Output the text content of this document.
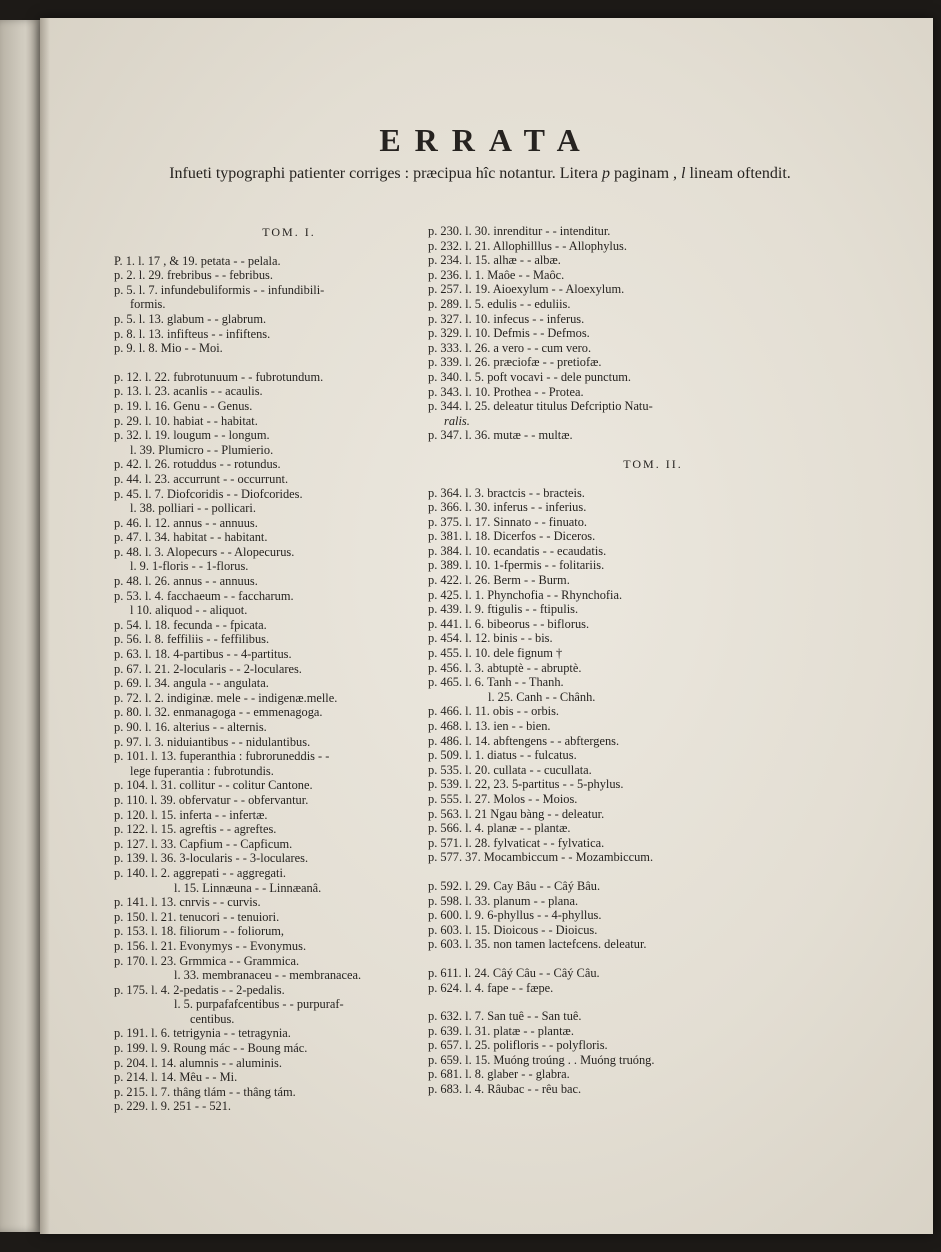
ERRATA

Infueti typographi patienter corriges : præcipua hîc notantur. Litera p paginam , l lineam oftendit.

TOM. I.
P. 1. l. 17 , & 19. petata - - pelala.
p. 2. l. 29. frebribus - - febribus.
p. 5. l. 7. infundebuliformis - - infundibili-
formis.
p. 5. l. 13. glabum - - glabrum.
p. 8. l. 13. infifteus - - infiftens.
p. 9. l. 8. Mio - - Moi.
p. 12. l. 22. fubrotunuum - - fubrotundum.
p. 13. l. 23. acanlis - - acaulis.
p. 19. l. 16. Genu - - Genus.
p. 29. l. 10. habiat - - habitat.
p. 32. l. 19. lougum - - longum.
l. 39. Plumicro - - Plumierio.
p. 42. l. 26. rotuddus - - rotundus.
p. 44. l. 23. accurrunt - - occurrunt.
p. 45. l. 7. Diofcoridis - - Diofcorides.
l. 38. polliari - - pollicari.
p. 46. l. 12. annus - - annuus.
p. 47. l. 34. habitat - - habitant.
p. 48. l. 3. Alopecurs - - Alopecurus.
l. 9. 1-floris - - 1-florus.
p. 48. l. 26. annus - - annuus.
p. 53. l. 4. facchaeum - - faccharum.
l 10. aliquod - - aliquot.
p. 54. l. 18. fecunda - - fpicata.
p. 56. l. 8. feffiliis - - feffilibus.
p. 63. l. 18. 4-partibus - - 4-partitus.
p. 67. l. 21. 2-locularis - - 2-loculares.
p. 69. l. 34. angula - - angulata.
p. 72. l. 2. indiginæ. mele - - indigenæ.melle.
p. 80. l. 32. enmanagoga - - emmenagoga.
p. 90. l. 16. alterius - - alternis.
p. 97. l. 3. niduiantibus - - nidulantibus.
p. 101. l. 13. fuperanthia : fubroruneddis - -
lege fuperantia : fubrotundis.
p. 104. l. 31. collitur - - colitur Cantone.
p. 110. l. 39. obfervatur - - obfervantur.
p. 120. l. 15. inferta - - infertæ.
p. 122. l. 15. agreftis - - agreftes.
p. 127. l. 33. Capfium - - Capficum.
p. 139. l. 36. 3-locularis - - 3-loculares.
p. 140. l. 2. aggrepati - - aggregati.
l. 15. Linnæuna - - Linnæanâ.
p. 141. l. 13. cnrvis - - curvis.
p. 150. l. 21. tenucori - - tenuiori.
p. 153. l. 18. filiorum - - foliorum,
p. 156. l. 21. Evonymys - - Evonymus.
p. 170. l. 23. Grmmica - - Grammica.
l. 33. membranaceu - - membranacea.
p. 175. l. 4. 2-pedatis - - 2-pedalis.
l. 5. purpafafcentibus - - purpuraf-
centibus.
p. 191. l. 6. tetrigynia - - tetragynia.
p. 199. l. 9. Roung mác - - Boung mác.
p. 204. l. 14. alumnis - - aluminis.
p. 214. l. 14. Mêu - - Mi.
p. 215. l. 7. thâng tlám - - thâng tám.
p. 229. l. 9. 251 - - 521.
p. 230. l. 30. inrenditur - - intenditur.
p. 232. l. 21. Allophilllus - - Allophylus.
p. 234. l. 15. alhæ - - albæ.
p. 236. l. 1. Maôe - - Maôc.
p. 257. l. 19. Aioexylum - - Aloexylum.
p. 289. l. 5. edulis - - eduliis.
p. 327. l. 10. infecus - - inferus.
p. 329. l. 10. Defmis - - Defmos.
p. 333. l. 26. a vero - - cum vero.
p. 339. l. 26. præciofæ - - pretiofæ.
p. 340. l. 5. poft vocavi - - dele punctum.
p. 343. l. 10. Prothea - - Protea.
p. 344. l. 25. deleatur titulus Defcriptio Natu-
ralis.
p. 347. l. 36. mutæ - - multæ.
TOM. II.
p. 364. l. 3. bractcis - - bracteis.
p. 366. l. 30. inferus - - inferius.
p. 375. l. 17. Sinnato - - finuato.
p. 381. l. 18. Dicerfos - - Diceros.
p. 384. l. 10. ecandatis - - ecaudatis.
p. 389. l. 10. 1-fpermis - - folitariis.
p. 422. l. 26. Berm - - Burm.
p. 425. l. 1. Phynchofia - - Rhynchofia.
p. 439. l. 9. ftigulis - - ftipulis.
p. 441. l. 6. bibeorus - - biflorus.
p. 454. l. 12. binis - - bis.
p. 455. l. 10. dele fignum †
p. 456. l. 3. abtuptè - - abruptè.
p. 465. l. 6. Tanh - - Thanh.
l. 25. Canh - - Chânh.
p. 466. l. 11. obis - - orbis.
p. 468. l. 13. ien - - bien.
p. 486. l. 14. abftengens - - abftergens.
p. 509. l. 1. diatus - - fulcatus.
p. 535. l. 20. cullata - - cucullata.
p. 539. l. 22, 23. 5-partitus - - 5-phylus.
p. 555. l. 27. Molos - - Moios.
p. 563. l. 21 Ngau bàng - - deleatur.
p. 566. l. 4. planæ - - plantæ.
p. 571. l. 28. fylvaticat - - fylvatica.
p. 577. 37. Mocambiccum - - Mozambiccum.
p. 592. l. 29. Cay Bâu - - Câý Bâu.
p. 598. l. 33. planum - - plana.
p. 600. l. 9. 6-phyllus - - 4-phyllus.
p. 603. l. 15. Dioicous - - Dioicus.
p. 603. l. 35. non tamen lactefcens. deleatur.
p. 611. l. 24. Câý Câu - - Câý Câu.
p. 624. l. 4. fape - - fæpe.
p. 632. l. 7. San tuê - - San tuê.
p. 639. l. 31. platæ - - plantæ.
p. 657. l. 25. polifloris - - polyfloris.
p. 659. l. 15. Muóng troúng . . Muóng truóng.
p. 681. l. 8. glaber - - glabra.
p. 683. l. 4. Râubac - - rêu bac.
